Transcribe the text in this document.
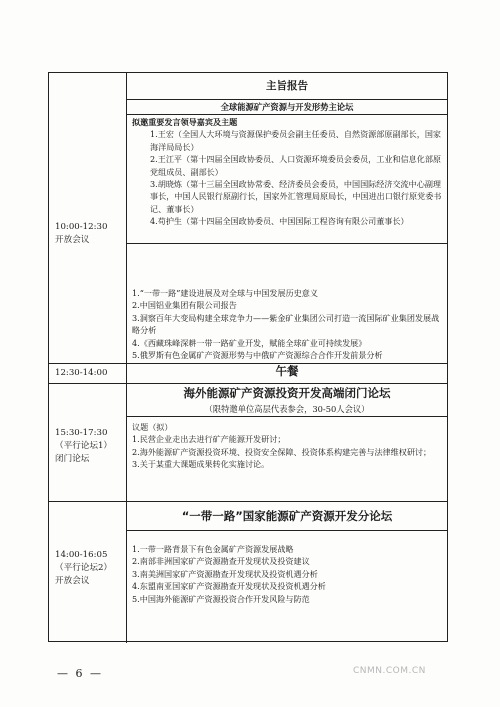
10:00-12:30
开放会议
主旨报告
全球能源矿产资源与开发形势主论坛
拟邀重要发言领导嘉宾及主题
1.王宏（全国人大环境与资源保护委员会副主任委员、自然资源部原副部长，国家海洋局局长）
2.王江平（第十四届全国政协委员、人口资源环境委员会委员，工业和信息化部原党组成员、副部长）
3.胡晓炼（第十三届全国政协常委、经济委员会委员，中国国际经济交流中心副理事长，中国人民银行原副行长，国家外汇管理局原局长，中国进出口银行原党委书记、董事长）
4.苟护生（第十四届全国政协委员、中国国际工程咨询有限公司董事长）
1.“一带一路”建设进展及对全球与中国发展历史意义
2.中国铝业集团有限公司报告
3.洞察百年大变局构建全球竞争力——紫金矿业集团公司打造一流国际矿业集团发展战略分析
4.《西藏珠峰深耕一带一路矿业开发，赋能全球矿业可持续发展》
5.俄罗斯有色金属矿产资源形势与中俄矿产资源综合合作开发前景分析
12:30-14:00	午餐
15:30-17:30
（平行论坛1）
闭门论坛
海外能源矿产资源投资开发高端闭门论坛
（限特邀单位高层代表参会，30-50人会议）
议题（拟）
1.民营企业走出去进行矿产能源开发研讨；
2.海外能源矿产资源投资环境、投资安全保障、投资体系构建完善与法律维权研讨；
3.关于某重大课题成果转化实施讨论。
14:00-16:05
（平行论坛2）
开放会议
“一带一路”国家能源矿产资源开发分论坛
1.一带一路背景下有色金属矿产资源发展战略
2.南部非洲国家矿产资源勘查开发现状及投资建议
3.南美洲国家矿产资源勘查开发现状及投资机遇分析
4.东盟南亚国家矿产资源勘查开发现状及投资机遇分析
5.中国海外能源矿产资源投资合作开发风险与防范
— 6 —	CNMN.COM.CN
